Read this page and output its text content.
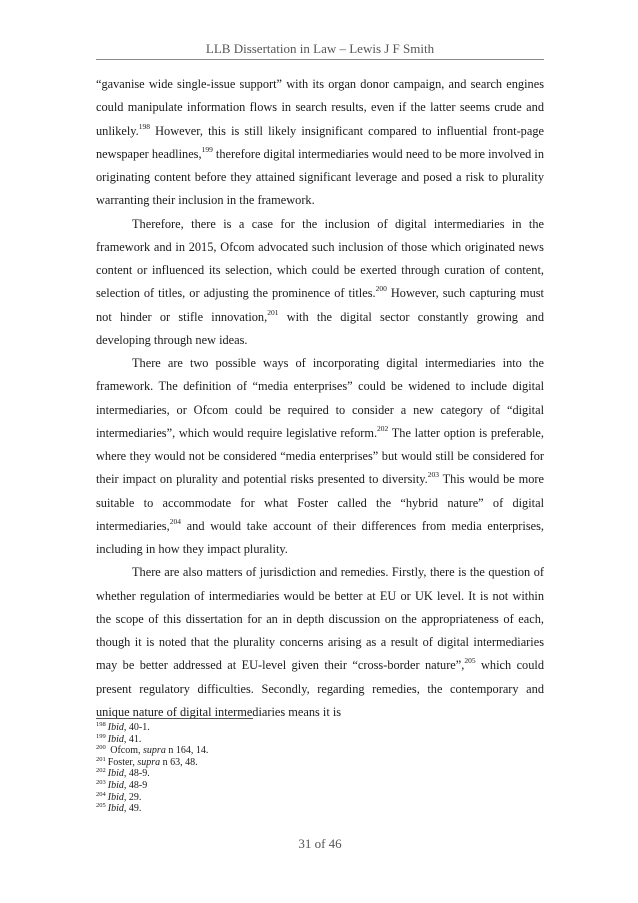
LLB Dissertation in Law – Lewis J F Smith

“gavanise wide single-issue support” with its organ donor campaign, and search engines could manipulate information flows in search results, even if the latter seems crude and unlikely.$^{198}$ However, this is still likely insignificant compared to influential front-page newspaper headlines,$^{199}$ therefore digital intermediaries would need to be more involved in originating content before they attained significant leverage and posed a risk to plurality warranting their inclusion in the framework.

Therefore, there is a case for the inclusion of digital intermediaries in the framework and in 2015, Ofcom advocated such inclusion of those which originated news content or influenced its selection, which could be exerted through curation of content, selection of titles, or adjusting the prominence of titles.$^{200}$ However, such capturing must not hinder or stifle innovation,$^{201}$ with the digital sector constantly growing and developing through new ideas.

There are two possible ways of incorporating digital intermediaries into the framework. The definition of “media enterprises” could be widened to include digital intermediaries, or Ofcom could be required to consider a new category of “digital intermediaries”, which would require legislative reform.$^{202}$ The latter option is preferable, where they would not be considered “media enterprises” but would still be considered for their impact on plurality and potential risks presented to diversity.$^{203}$ This would be more suitable to accommodate for what Foster called the “hybrid nature” of digital intermediaries,$^{204}$ and would take account of their differences from media enterprises, including in how they impact plurality.

There are also matters of jurisdiction and remedies. Firstly, there is the question of whether regulation of intermediaries would be better at EU or UK level. It is not within the scope of this dissertation for an in depth discussion on the appropriateness of each, though it is noted that the plurality concerns arising as a result of digital intermediaries may be better addressed at EU-level given their “cross-border nature”,$^{205}$ which could present regulatory difficulties. Secondly, regarding remedies, the contemporary and unique nature of digital intermediaries means it is

$^{198}$ Ibid, 40-1.
$^{199}$ Ibid, 41.
$^{200}$ Ofcom, supra n 164, 14.
$^{201}$ Foster, supra n 63, 48.
$^{202}$ Ibid, 48-9.
$^{203}$ Ibid, 48-9
$^{204}$ Ibid, 29.
$^{205}$ Ibid, 49.
31 of 46
